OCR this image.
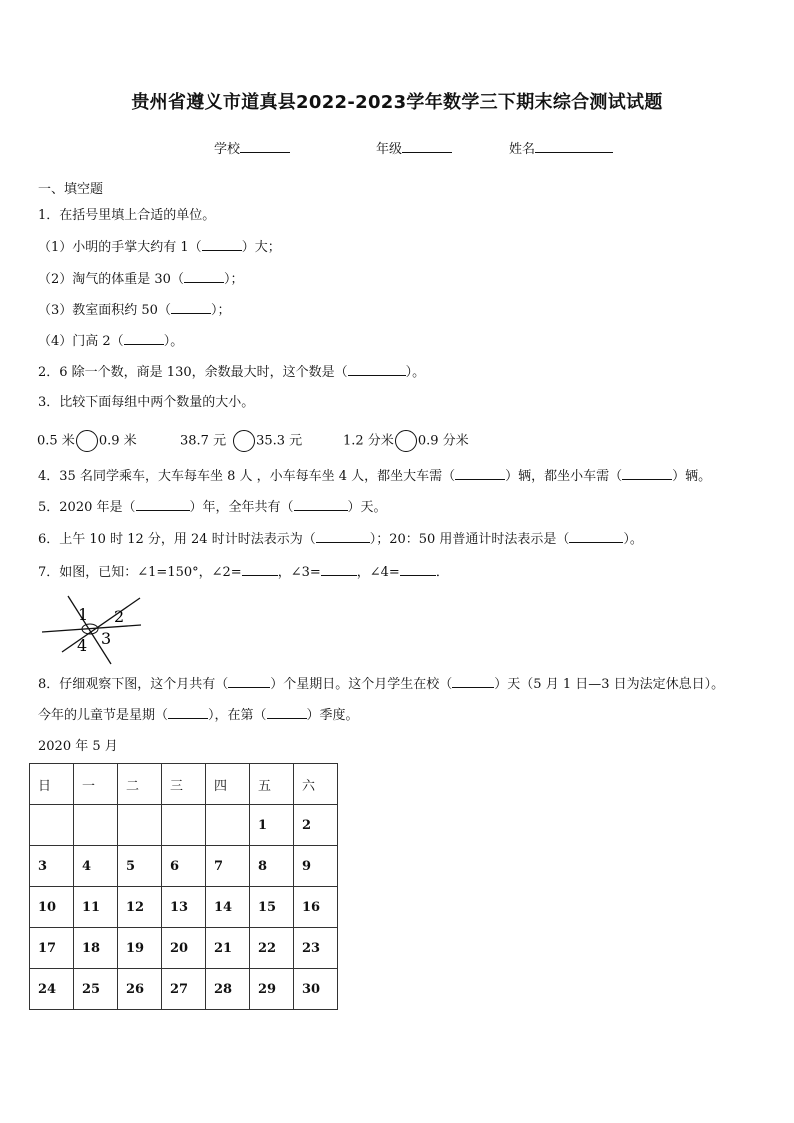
贵州省遵义市道真县2022-2023学年数学三下期末综合测试试题
学校	年级	姓名
一、填空题
1．在括号里填上合适的单位。
（1）小明的手掌大约有 1（	）大；
（2）淘气的体重是 30（	）；
（3）教室面积约 50（	）；
（4）门高 2（	）。
2．6 除一个数，商是 130，余数最大时，这个数是（	）。
3．比较下面每组中两个数量的大小。
0.5 米 0.9 米	38.7 元 35.3 元	1.2 分米 0.9 分米
4．35 名同学乘车，大车每车坐 8 人 ，小车每车坐 4 人，都坐大车需（	）辆，都坐小车需（	）辆。
5．2020 年是（	）年，全年共有（	）天。
6．上午 10 时 12 分，用 24 时计时法表示为（	）；20：50 用普通计时法表示是（	）。
7．如图，已知：∠1=150°，∠2=	，∠3=	，∠4=	．
1 2
3
4
8．仔细观察下图，这个月共有（	）个星期日。这个月学生在校（	）天（5 月 1 日—3 日为法定休息日）。
今年的儿童节是星期（	），在第（	）季度。
2020 年 5 月
日	一	二	三	四	五	六
					1	2
3	4	5	6	7	8	9
10	11	12	13	14	15	16
17	18	19	20	21	22	23
24	25	26	27	28	29	30
